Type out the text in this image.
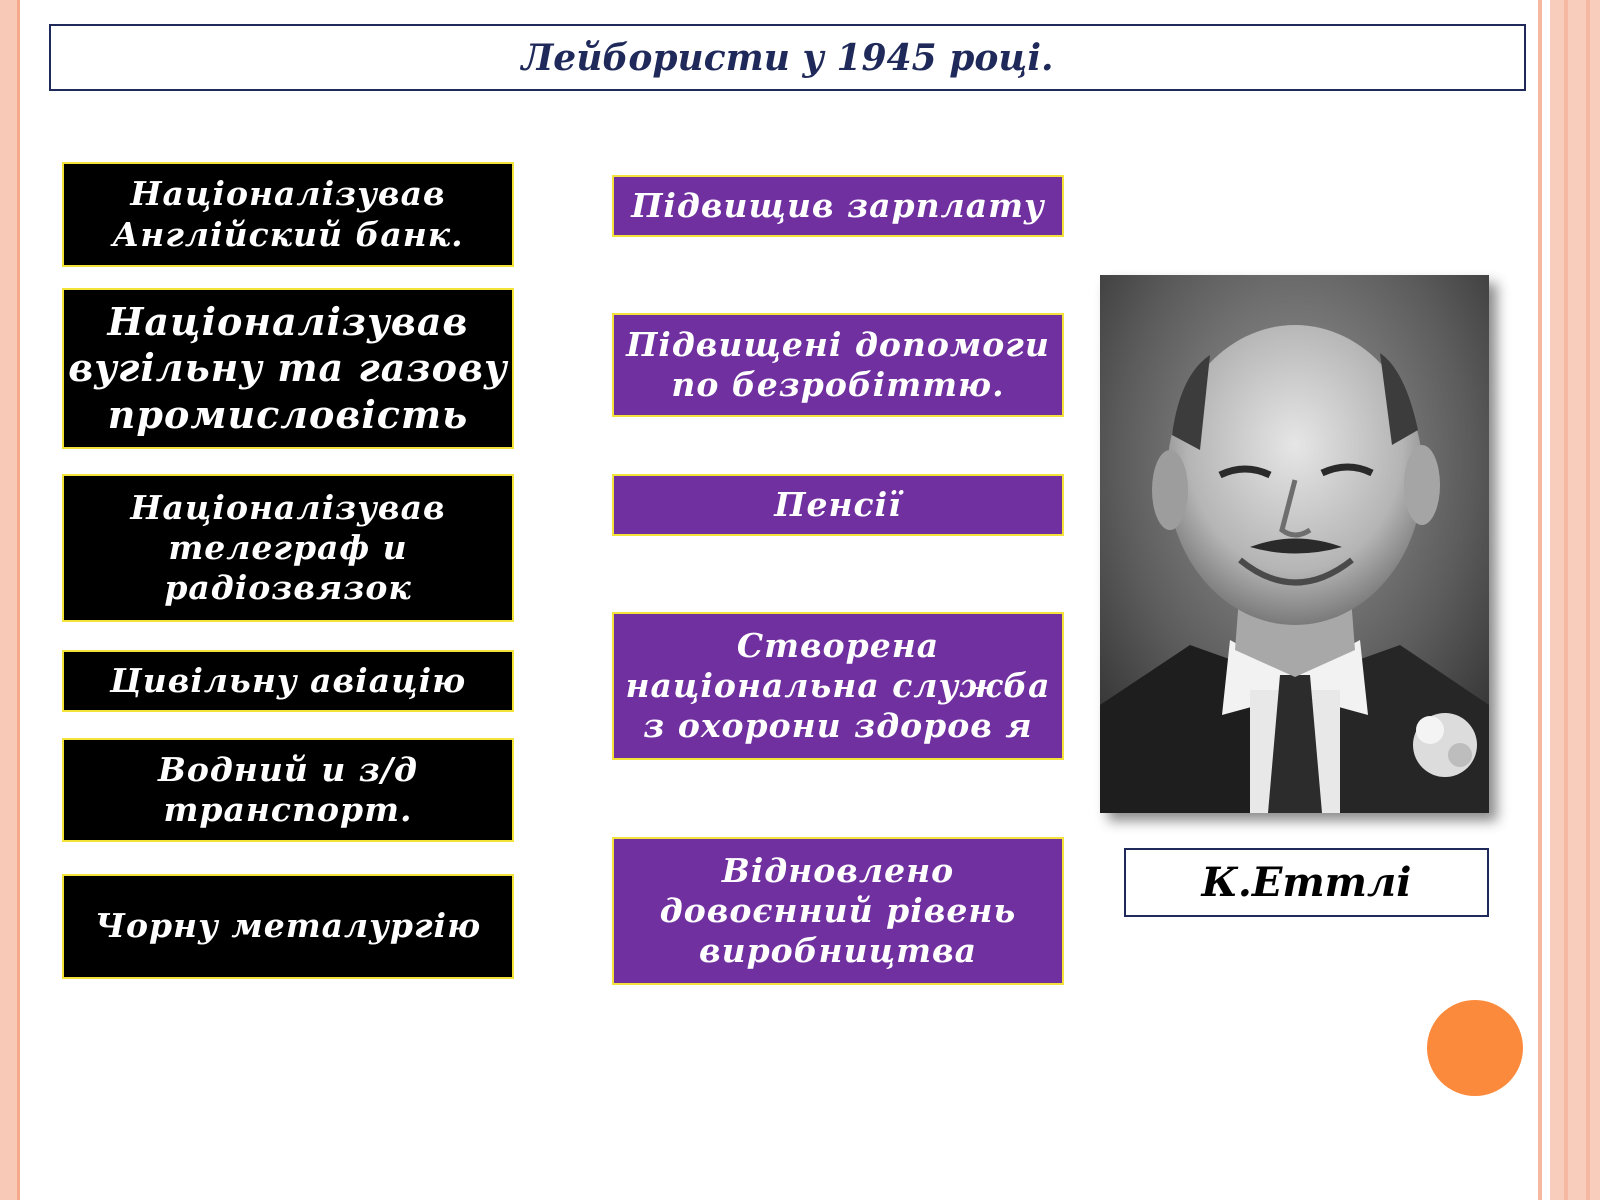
Лейбористи у 1945 році.
Націоналізував Англійский банк.
Націоналізував вугільну та газову промисловість
Націоналізував телеграф и радіозвязок
Цивільну авіацію
Водний и з/д транспорт.
Чорну металургію
Підвищив зарплату
Підвищені допомоги по безробіттю.
Пенсії
Створена національна служба з охорони здоров я
Відновлено довоєнний рівень виробництва
К.Еттлі
